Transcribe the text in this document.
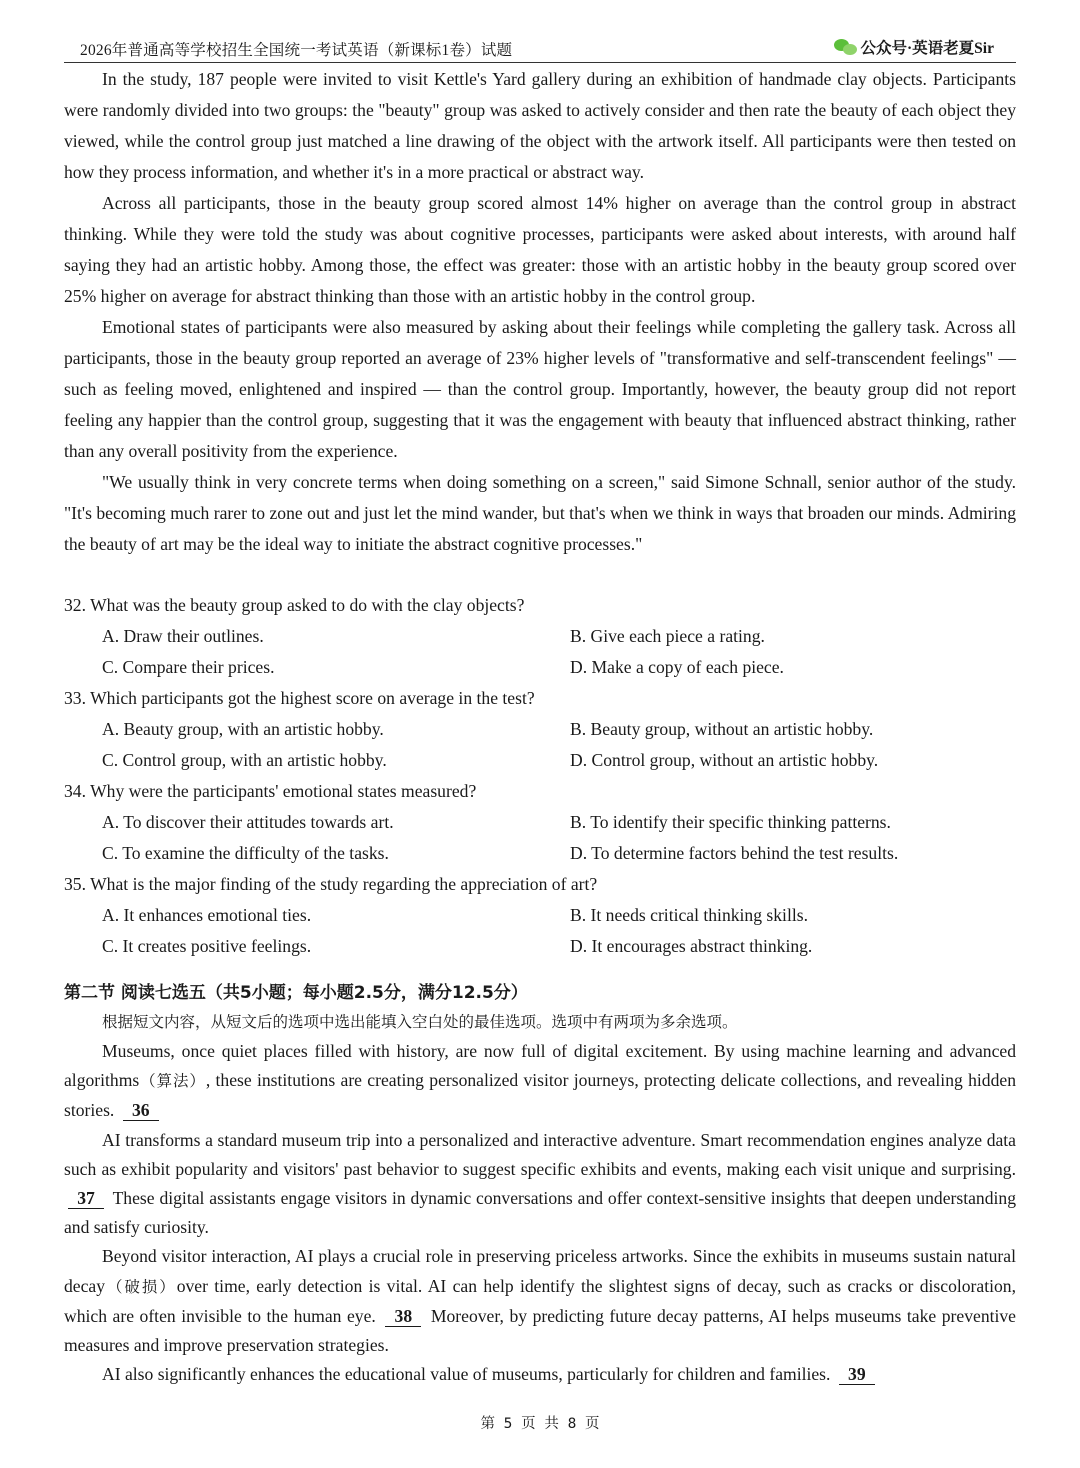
2026年普通高等学校招生全国统一考试英语（新课标1卷）试题	公众号·英语老夏Sir

In the study, 187 people were invited to visit Kettle's Yard gallery during an exhibition of handmade clay objects. Participants were randomly divided into two groups: the "beauty" group was asked to actively consider and then rate the beauty of each object they viewed, while the control group just matched a line drawing of the object with the artwork itself. All participants were then tested on how they process information, and whether it's in a more practical or abstract way.

Across all participants, those in the beauty group scored almost 14% higher on average than the control group in abstract thinking. While they were told the study was about cognitive processes, participants were asked about interests, with around half saying they had an artistic hobby. Among those, the effect was greater: those with an artistic hobby in the beauty group scored over 25% higher on average for abstract thinking than those with an artistic hobby in the control group.

Emotional states of participants were also measured by asking about their feelings while completing the gallery task. Across all participants, those in the beauty group reported an average of 23% higher levels of "transformative and self-transcendent feelings" — such as feeling moved, enlightened and inspired — than the control group. Importantly, however, the beauty group did not report feeling any happier than the control group, suggesting that it was the engagement with beauty that influenced abstract thinking, rather than any overall positivity from the experience.

"We usually think in very concrete terms when doing something on a screen," said Simone Schnall, senior author of the study. "It's becoming much rarer to zone out and just let the mind wander, but that's when we think in ways that broaden our minds. Admiring the beauty of art may be the ideal way to initiate the abstract cognitive processes."

32. What was the beauty group asked to do with the clay objects?

A. Draw their outlines.	B. Give each piece a rating.
C. Compare their prices.	D. Make a copy of each piece.

33. Which participants got the highest score on average in the test?

A. Beauty group, with an artistic hobby.	B. Beauty group, without an artistic hobby.
C. Control group, with an artistic hobby.	D. Control group, without an artistic hobby.

34. Why were the participants' emotional states measured?

A. To discover their attitudes towards art.	B. To identify their specific thinking patterns.
C. To examine the difficulty of the tasks.	D. To determine factors behind the test results.

35. What is the major finding of the study regarding the appreciation of art?

A. It enhances emotional ties.	B. It needs critical thinking skills.
C. It creates positive feelings.	D. It encourages abstract thinking.

第二节 阅读七选五（共5小题；每小题2.5分，满分12.5分）

根据短文内容，从短文后的选项中选出能填入空白处的最佳选项。选项中有两项为多余选项。

Museums, once quiet places filled with history, are now full of digital excitement. By using machine learning and advanced algorithms（算法）, these institutions are creating personalized visitor journeys, protecting delicate collections, and revealing hidden stories. 36

AI transforms a standard museum trip into a personalized and interactive adventure. Smart recommendation engines analyze data such as exhibit popularity and visitors' past behavior to suggest specific exhibits and events, making each visit unique and surprising. 37 These digital assistants engage visitors in dynamic conversations and offer context-sensitive insights that deepen understanding and satisfy curiosity.

Beyond visitor interaction, AI plays a crucial role in preserving priceless artworks. Since the exhibits in museums sustain natural decay（破损）over time, early detection is vital. AI can help identify the slightest signs of decay, such as cracks or discoloration, which are often invisible to the human eye. 38 Moreover, by predicting future decay patterns, AI helps museums take preventive measures and improve preservation strategies.

AI also significantly enhances the educational value of museums, particularly for children and families. 39

第 5 页 共 8 页
